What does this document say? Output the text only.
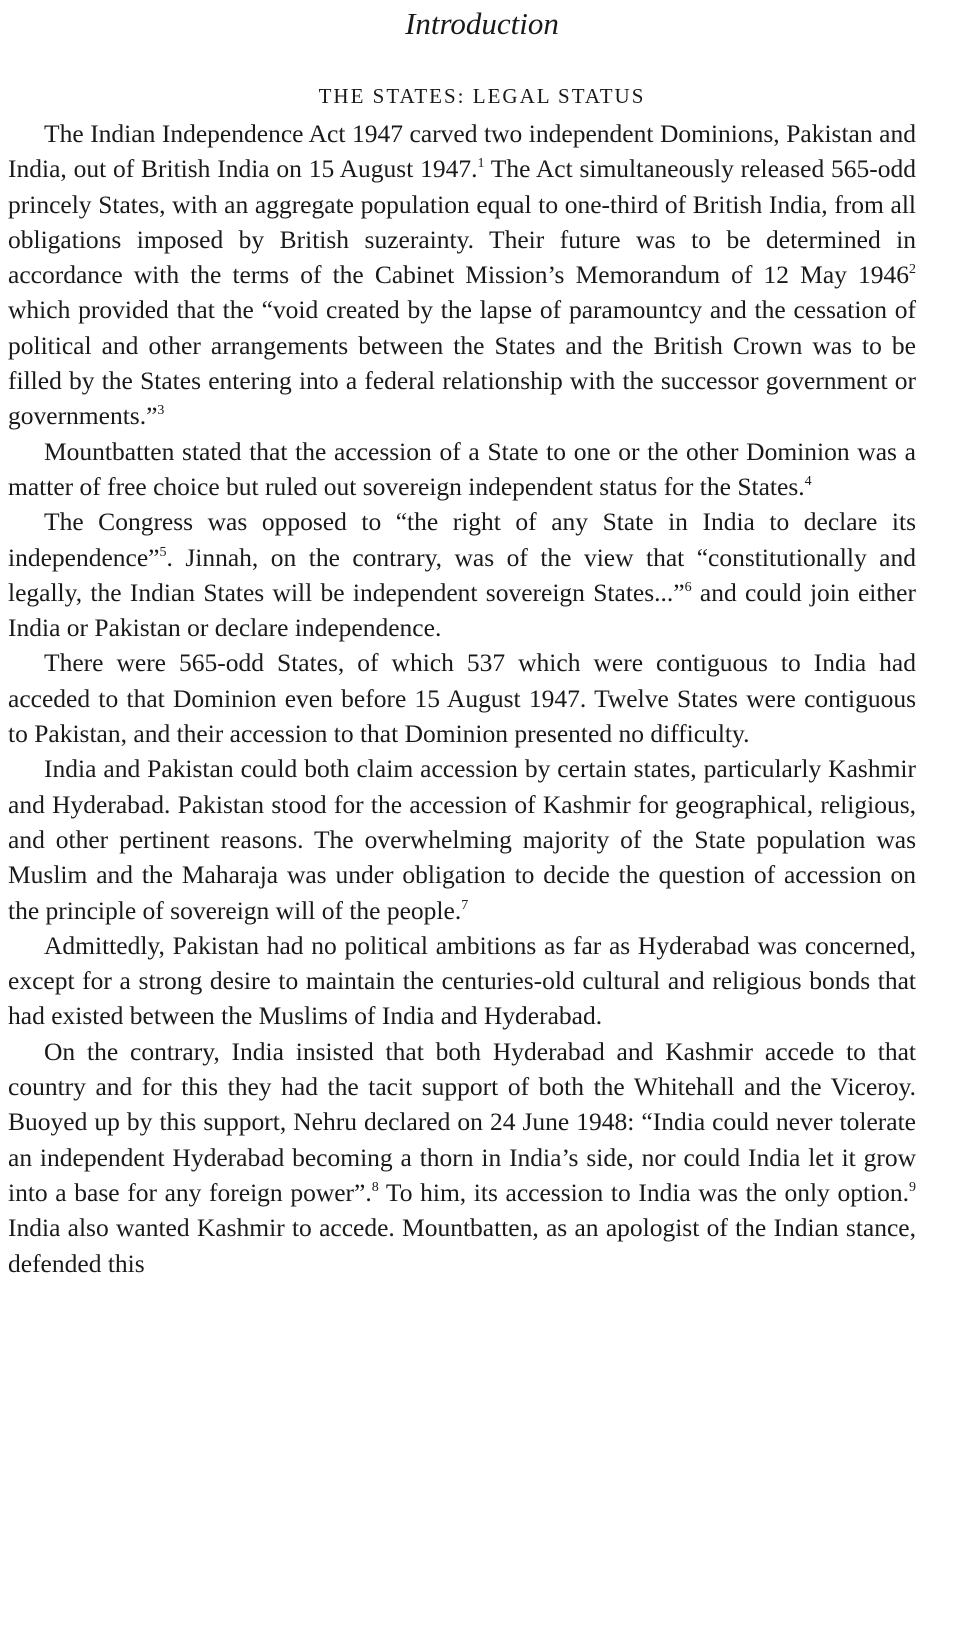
Introduction
THE STATES: LEGAL STATUS

The Indian Independence Act 1947 carved two independent Dominions, Pakistan and India, out of British India on 15 August 1947.$^1$ The Act simultaneously released 565-odd princely States, with an aggregate population equal to one-third of British India, from all obligations imposed by British suzerainty. Their future was to be determined in accordance with the terms of the Cabinet Mission’s Memorandum of 12 May 1946$^2$ which provided that the “void created by the lapse of paramountcy and the cessation of political and other arrangements between the States and the British Crown was to be filled by the States entering into a federal relationship with the successor government or governments.”$^3$

Mountbatten stated that the accession of a State to one or the other Dominion was a matter of free choice but ruled out sovereign independent status for the States.$^4$

The Congress was opposed to “the right of any State in India to declare its independence”$^5$. Jinnah, on the contrary, was of the view that “constitutionally and legally, the Indian States will be independent sovereign States...”$^6$ and could join either India or Pakistan or declare independence.

There were 565-odd States, of which 537 which were contiguous to India had acceded to that Dominion even before 15 August 1947. Twelve States were contiguous to Pakistan, and their accession to that Dominion presented no difficulty.

India and Pakistan could both claim accession by certain states, particularly Kashmir and Hyderabad. Pakistan stood for the accession of Kashmir for geographical, religious, and other pertinent reasons. The overwhelming majority of the State population was Muslim and the Maharaja was under obligation to decide the question of accession on the principle of sovereign will of the people.$^7$

Admittedly, Pakistan had no political ambitions as far as Hyderabad was concerned, except for a strong desire to maintain the centuries-old cultural and religious bonds that had existed between the Muslims of India and Hyderabad.

On the contrary, India insisted that both Hyderabad and Kashmir accede to that country and for this they had the tacit support of both the Whitehall and the Viceroy. Buoyed up by this support, Nehru declared on 24 June 1948: “India could never tolerate an independent Hyderabad becoming a thorn in India’s side, nor could India let it grow into a base for any foreign power”.$^8$ To him, its accession to India was the only option.$^9$ India also wanted Kashmir to accede. Mountbatten, as an apologist of the Indian stance, defended this
